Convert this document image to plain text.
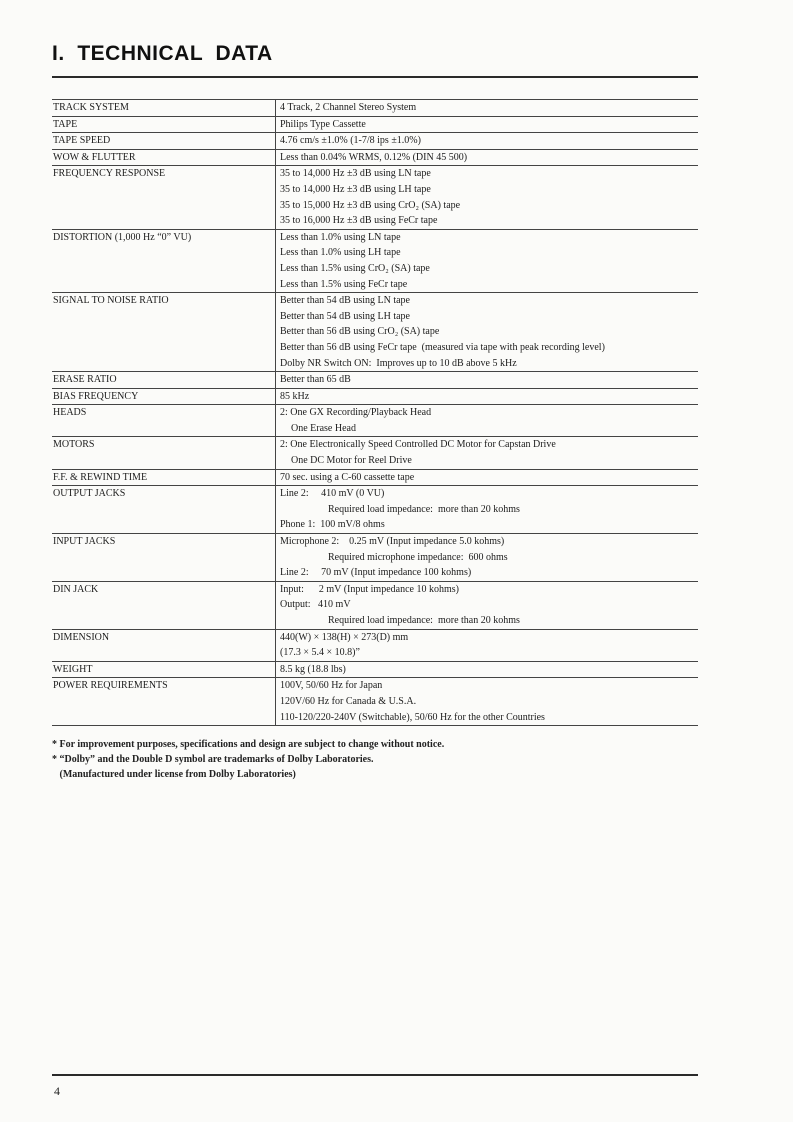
I.  TECHNICAL  DATA
TRACK SYSTEM	4 Track, 2 Channel Stereo System

TAPE	Philips Type Cassette

TAPE SPEED	4.76 cm/s ±1.0% (1-7/8 ips ±1.0%)

WOW & FLUTTER	Less than 0.04% WRMS, 0.12% (DIN 45 500)

FREQUENCY RESPONSE	35 to 14,000 Hz ±3 dB using LN tape
35 to 14,000 Hz ±3 dB using LH tape
35 to 15,000 Hz ±3 dB using CrO₂ (SA) tape
35 to 16,000 Hz ±3 dB using FeCr tape

DISTORTION (1,000 Hz “0” VU)	Less than 1.0% using LN tape
Less than 1.0% using LH tape
Less than 1.5% using CrO₂ (SA) tape
Less than 1.5% using FeCr tape

SIGNAL TO NOISE RATIO	Better than 54 dB using LN tape
Better than 54 dB using LH tape
Better than 56 dB using CrO₂ (SA) tape
Better than 56 dB using FeCr tape  (measured via tape with peak recording level)
Dolby NR Switch ON:  Improves up to 10 dB above 5 kHz

ERASE RATIO	Better than 65 dB

BIAS FREQUENCY	85 kHz

HEADS	2: One GX Recording/Playback Head
One Erase Head

MOTORS	2: One Electronically Speed Controlled DC Motor for Capstan Drive
One DC Motor for Reel Drive

F.F. & REWIND TIME	70 sec. using a C-60 cassette tape

OUTPUT JACKS	Line 2:     410 mV (0 VU)
Required load impedance:  more than 20 kohms
Phone 1:  100 mV/8 ohms

INPUT JACKS	Microphone 2:    0.25 mV (Input impedance 5.0 kohms)
Required microphone impedance:  600 ohms
Line 2:     70 mV (Input impedance 100 kohms)

DIN JACK	Input:      2 mV (Input impedance 10 kohms)
Output:   410 mV
Required load impedance:  more than 20 kohms

DIMENSION	440(W) × 138(H) × 273(D) mm
(17.3 × 5.4 × 10.8)”

WEIGHT	8.5 kg (18.8 lbs)

POWER REQUIREMENTS	100V, 50/60 Hz for Japan
120V/60 Hz for Canada & U.S.A.
110-120/220-240V (Switchable), 50/60 Hz for the other Countries
* For improvement purposes, specifications and design are subject to change without notice.
* “Dolby” and the Double D symbol are trademarks of Dolby Laboratories.
(Manufactured under license from Dolby Laboratories)
4
